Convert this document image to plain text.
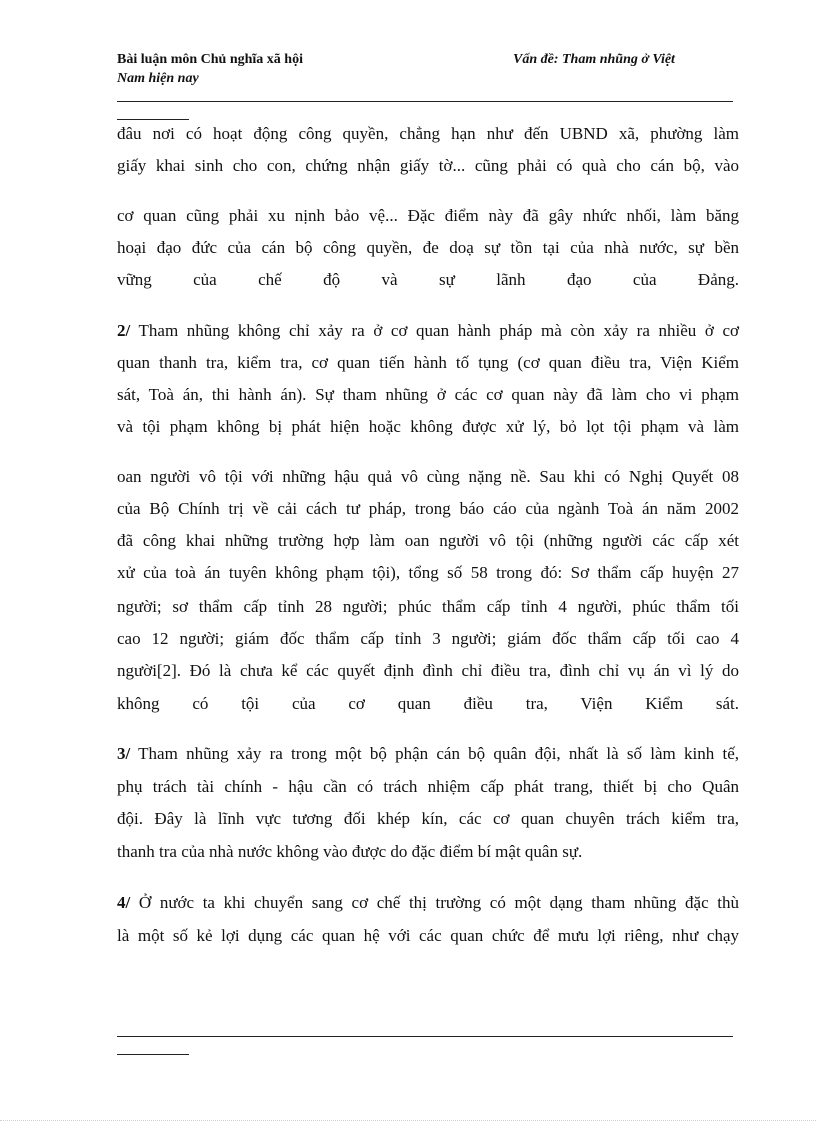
Bài luận môn Chủ nghĩa xã hội	Vấn đề: Tham nhũng ở Việt
Nam hiện nay
đâu nơi có hoạt động công quyền, chẳng hạn như đến UBND xã, phường làm
giấy khai sinh cho con, chứng nhận giấy tờ... cũng phải có quà cho cán bộ, vào
cơ quan cũng phải xu nịnh bảo vệ... Đặc điểm này đã gây nhức nhối, làm băng
hoại đạo đức của cán bộ công quyền, đe doạ sự tồn tại của nhà nước, sự bền
vững của chế độ và sự lãnh đạo của Đảng.
2/ Tham nhũng không chỉ xảy ra ở cơ quan hành pháp mà còn xảy ra nhiều ở cơ
quan thanh tra, kiểm tra, cơ quan tiến hành tố tụng (cơ quan điều tra, Viện Kiểm
sát, Toà án, thi hành án). Sự tham nhũng ở các cơ quan này đã làm cho vi phạm
và tội phạm không bị phát hiện hoặc không được xử lý, bỏ lọt tội phạm và làm
oan người vô tội với những hậu quả vô cùng nặng nề. Sau khi có Nghị Quyết 08
của Bộ Chính trị về cải cách tư pháp, trong báo cáo của ngành Toà án năm 2002
đã công khai những trường hợp làm oan người vô tội (những người các cấp xét
xử của toà án tuyên không phạm tội), tổng số 58 trong đó: Sơ thẩm cấp huyện 27
người; sơ thẩm cấp tỉnh 28 người; phúc thẩm cấp tỉnh 4 người, phúc thẩm tối
cao 12 người; giám đốc thẩm cấp tỉnh 3 người; giám đốc thẩm cấp tối cao 4
người[2]. Đó là chưa kể các quyết định đình chỉ điều tra, đình chỉ vụ án vì lý do
không có tội của cơ quan điều tra, Viện Kiểm sát.
3/ Tham nhũng xảy ra trong một bộ phận cán bộ quân đội, nhất là số làm kinh tế,
phụ trách tài chính - hậu cần có trách nhiệm cấp phát trang, thiết bị cho Quân
đội. Đây là lĩnh vực tương đối khép kín, các cơ quan chuyên trách kiểm tra,
thanh tra của nhà nước không vào được do đặc điểm bí mật quân sự.
4/ Ở nước ta khi chuyển sang cơ chế thị trường có một dạng tham nhũng đặc thù
là một số kẻ lợi dụng các quan hệ với các quan chức để mưu lợi riêng, như chạy
